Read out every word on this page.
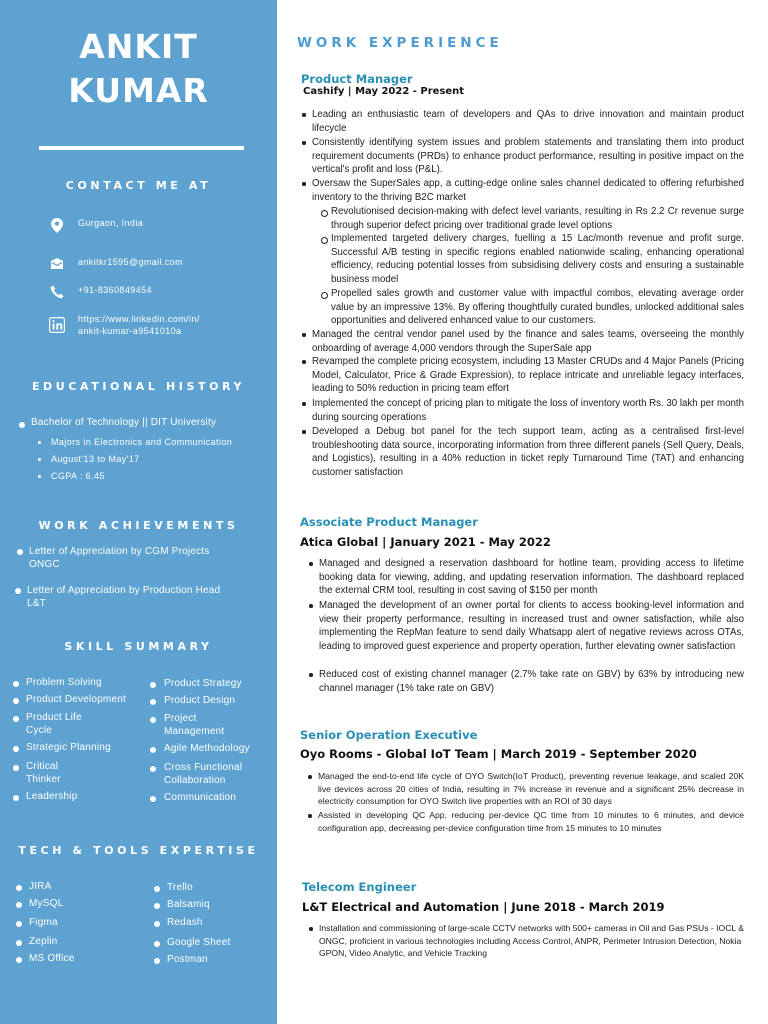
ANKIT
KUMAR
CONTACT ME AT
Gurgaon, India
ankitkr1595@gmail.com
+91-8360849454
https://www.linkedin.com/in/
ankit-kumar-a9541010a
EDUCATIONAL HISTORY
Bachelor of Technology || DIT University
Majors in Electronics and Communication
August'13 to May'17
CGPA : 6.45
WORK ACHIEVEMENTS
Letter of Appreciation by CGM Projects
ONGC
Letter of Appreciation by Production Head
L&T
SKILL SUMMARY
Problem Solving
Product Development
Product Life
Cycle
Strategic Planning
Critical
Thinker
Leadership
Product Strategy
Product Design
Project
Management
Agile Methodology
Cross Functional
Collaboration
Communication
TECH & TOOLS EXPERTISE
JIRA
MySQL
Figma
Zeplin
MS Office
Trello
Balsamiq
Redash
Google Sheet
Postman
WORK EXPERIENCE
Product Manager
Cashify | May 2022 - Present
Leading an enthusiastic team of developers and QAs to drive innovation and maintain product lifecycle
Consistently identifying system issues and problem statements and translating them into product requirement documents (PRDs) to enhance product performance, resulting in positive impact on the vertical's profit and loss (P&L).
Oversaw the SuperSales app, a cutting-edge online sales channel dedicated to offering refurbished inventory to the thriving B2C market
Revolutionised decision-making with defect level variants, resulting in Rs 2.2 Cr revenue surge through superior defect pricing over traditional grade level options
Implemented targeted delivery charges, fuelling a 15 Lac/month revenue and profit surge. Successful A/B testing in specific regions enabled nationwide scaling, enhancing operational efficiency, reducing potential losses from subsidising delivery costs and ensuring a sustainable business model
Propelled sales growth and customer value with impactful combos, elevating average order value by an impressive 13%. By offering thoughtfully curated bundles, unlocked additional sales opportunities and delivered enhanced value to our customers.
Managed the central vendor panel used by the finance and sales teams, overseeing the monthly onboarding of average 4,000 vendors through the SuperSale app
Revamped the complete pricing ecosystem, including 13 Master CRUDs and 4 Major Panels (Pricing Model, Calculator, Price & Grade Expression), to replace intricate and unreliable legacy interfaces, leading to 50% reduction in pricing team effort
Implemented the concept of pricing plan to mitigate the loss of inventory worth Rs. 30 lakh per month during sourcing operations
Developed a Debug bot panel for the tech support team, acting as a centralised first-level troubleshooting data source, incorporating information from three different panels (Sell Query, Deals, and Logistics), resulting in a 40% reduction in ticket reply Turnaround Time (TAT) and enhancing customer satisfaction
Associate Product Manager
Atica Global | January 2021 - May 2022
Managed and designed a reservation dashboard for hotline team, providing access to lifetime booking data for viewing, adding, and updating reservation information. The dashboard replaced the external CRM tool, resulting in cost saving of $150 per month
Managed the development of an owner portal for clients to access booking-level information and view their property performance, resulting in increased trust and owner satisfaction, while also implementing the RepMan feature to send daily Whatsapp alert of negative reviews across OTAs, leading to improved guest experience and property operation, further elevating owner satisfaction
Reduced cost of existing channel manager (2.7% take rate on GBV) by 63% by introducing new channel manager (1% take rate on GBV)
Senior Operation Executive
Oyo Rooms - Global IoT Team | March 2019 - September 2020
Managed the end-to-end life cycle of OYO Switch(IoT Product), preventing revenue leakage, and scaled 20K live devices across 20 cities of India, resulting in 7% increase in revenue and a significant 25% decrease in electricity consumption for OYO Switch live properties with an ROI of 30 days
Assisted in developing QC App, reducing per-device QC time from 10 minutes to 6 minutes, and device configuration app, decreasing per-device configuration time from 15 minutes to 10 minutes
Telecom Engineer
L&T Electrical and Automation | June 2018 - March 2019
Installation and commissioning of large-scale CCTV networks with 500+ cameras in Oil and Gas PSUs - IOCL & ONGC, proficient in various technologies including Access Control, ANPR, Perimeter Intrusion Detection, Nokia GPON, Video Analytic, and Vehicle Tracking
